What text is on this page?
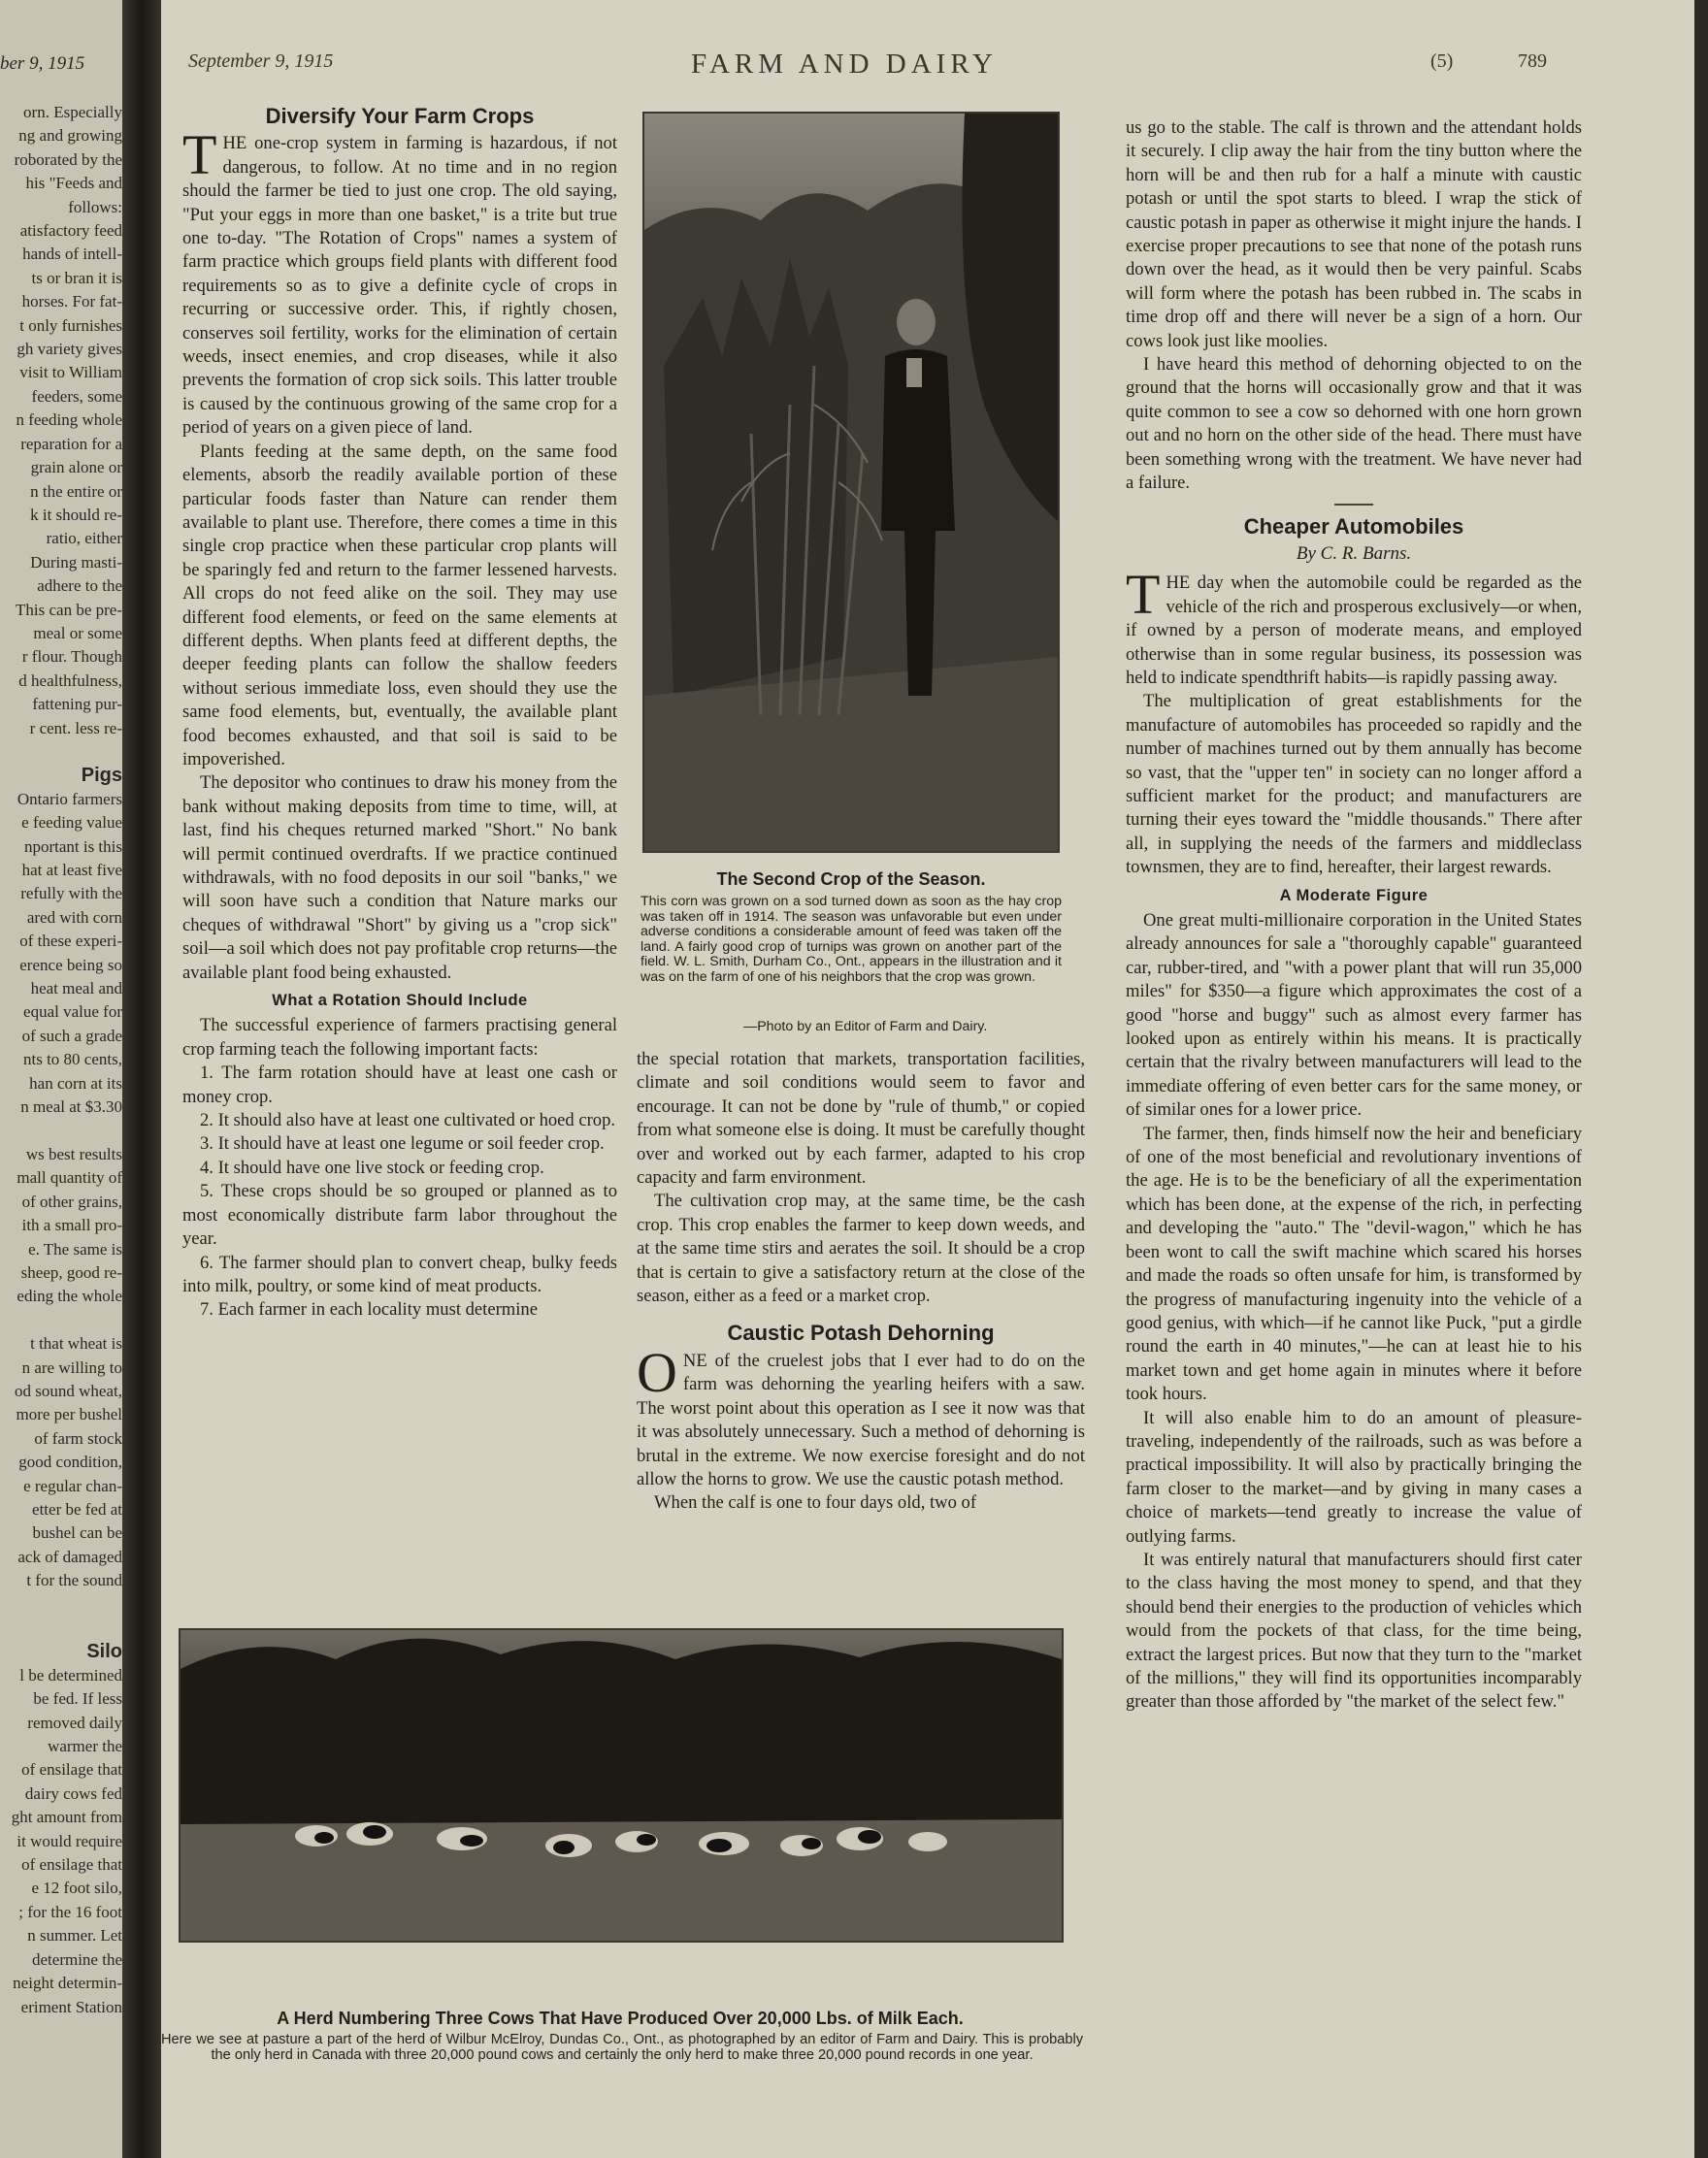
ber 9, 1915
orn. Especially
ng and growing
roborated by the
his "Feeds and
follows:
atisfactory feed
hands of intell-
ts or bran it is
horses. For fat-
t only furnishes
gh variety gives
visit to William
feeders, some
n feeding whole
reparation for a
grain alone or
n the entire or
k it should re-
ratio, either
During masti-
adhere to the
This can be pre-
meal or some
r flour. Though
d healthfulness,
fattening pur-
r cent. less re-

Pigs
Ontario farmers
e feeding value
nportant is this
hat at least five
refully with the
ared with corn
of these experi-
erence being so
heat meal and
equal value for
of such a grade
nts to 80 cents,
han corn at its
n meal at $3.30

ws best results
mall quantity of
of other grains,
ith a small pro-
e. The same is
sheep, good re-
eding the whole

t that wheat is
n are willing to
od sound wheat,
more per bushel
of farm stock
good condition,
e regular chan-
etter be fed at
bushel can be
ack of damaged
t for the sound

Silo
l be determined
be fed. If less
removed daily
warmer the
of ensilage that
dairy cows fed
ght amount from
it would require
of ensilage that
e 12 foot silo,
; for the 16 foot
n summer. Let
determine the
neight determin-
eriment Station
September 9, 1915	FARM AND DAIRY	(5)	789
Diversify Your Farm Crops

THE one-crop system in farming is hazardous, if not dangerous, to follow. At no time and in no region should the farmer be tied to just one crop. The old saying, "Put your eggs in more than one basket," is a trite but true one to-day. "The Rotation of Crops" names a system of farm practice which groups field plants with different food requirements so as to give a definite cycle of crops in recurring or successive order. This, if rightly chosen, conserves soil fertility, works for the elimination of certain weeds, insect enemies, and crop diseases, while it also prevents the formation of crop sick soils. This latter trouble is caused by the continuous growing of the same crop for a period of years on a given piece of land.

Plants feeding at the same depth, on the same food elements, absorb the readily available portion of these particular foods faster than Nature can render them available to plant use. Therefore, there comes a time in this single crop practice when these particular crop plants will be sparingly fed and return to the farmer lessened harvests. All crops do not feed alike on the soil. They may use different food elements, or feed on the same elements at different depths. When plants feed at different depths, the deeper feeding plants can follow the shallow feeders without serious immediate loss, even should they use the same food elements, but, eventually, the available plant food becomes exhausted, and that soil is said to be impoverished.

The depositor who continues to draw his money from the bank without making deposits from time to time, will, at last, find his cheques returned marked "Short." No bank will permit continued overdrafts. If we practice continued withdrawals, with no food deposits in our soil "banks," we will soon have such a condition that Nature marks our cheques of withdrawal "Short" by giving us a "crop sick" soil—a soil which does not pay profitable crop returns—the available plant food being exhausted.

What a Rotation Should Include

The successful experience of farmers practising general crop farming teach the following important facts:

1. The farm rotation should have at least one cash or money crop.

2. It should also have at least one cultivated or hoed crop.

3. It should have at least one legume or soil feeder crop.

4. It should have one live stock or feeding crop.

5. These crops should be so grouped or planned as to most economically distribute farm labor throughout the year.

6. The farmer should plan to convert cheap, bulky feeds into milk, poultry, or some kind of meat products.

7. Each farmer in each locality must determine

The Second Crop of the Season.
This corn was grown on a sod turned down as soon as the hay crop was taken off in 1914. The season was unfavorable but even under adverse conditions a considerable amount of feed was taken off the land. A fairly good crop of turnips was grown on another part of the field. W. L. Smith, Durham Co., Ont., appears in the illustration and it was on the farm of one of his neighbors that the crop was grown.
—Photo by an Editor of Farm and Dairy.

the special rotation that markets, transportation facilities, climate and soil conditions would seem to favor and encourage. It can not be done by "rule of thumb," or copied from what someone else is doing. It must be carefully thought over and worked out by each farmer, adapted to his crop capacity and farm environment.

The cultivation crop may, at the same time, be the cash crop. This crop enables the farmer to keep down weeds, and at the same time stirs and aerates the soil. It should be a crop that is certain to give a satisfactory return at the close of the season, either as a feed or a market crop.

Caustic Potash Dehorning

ONE of the cruelest jobs that I ever had to do on the farm was dehorning the yearling heifers with a saw. The worst point about this operation as I see it now was that it was absolutely unnecessary. Such a method of dehorning is brutal in the extreme. We now exercise foresight and do not allow the horns to grow. We use the caustic potash method.

When the calf is one to four days old, two of

us go to the stable. The calf is thrown and the attendant holds it securely. I clip away the hair from the tiny button where the horn will be and then rub for a half a minute with caustic potash or until the spot starts to bleed. I wrap the stick of caustic potash in paper as otherwise it might injure the hands. I exercise proper precautions to see that none of the potash runs down over the head, as it would then be very painful. Scabs will form where the potash has been rubbed in. The scabs in time drop off and there will never be a sign of a horn. Our cows look just like moolies.

I have heard this method of dehorning objected to on the ground that the horns will occasionally grow and that it was quite common to see a cow so dehorned with one horn grown out and no horn on the other side of the head. There must have been something wrong with the treatment. We have never had a failure.

Cheaper Automobiles
By C. R. Barns.

THE day when the automobile could be regarded as the vehicle of the rich and prosperous exclusively—or when, if owned by a person of moderate means, and employed otherwise than in some regular business, its possession was held to indicate spendthrift habits—is rapidly passing away.

The multiplication of great establishments for the manufacture of automobiles has proceeded so rapidly and the number of machines turned out by them annually has become so vast, that the "upper ten" in society can no longer afford a sufficient market for the product; and manufacturers are turning their eyes toward the "middle thousands." There after all, in supplying the needs of the farmers and middleclass townsmen, they are to find, hereafter, their largest rewards.

A Moderate Figure

One great multi-millionaire corporation in the United States already announces for sale a "thoroughly capable" guaranteed car, rubber-tired, and "with a power plant that will run 35,000 miles" for $350—a figure which approximates the cost of a good "horse and buggy" such as almost every farmer has looked upon as entirely within his means. It is practically certain that the rivalry between manufacturers will lead to the immediate offering of even better cars for the same money, or of similar ones for a lower price.

The farmer, then, finds himself now the heir and beneficiary of one of the most beneficial and revolutionary inventions of the age. He is to be the beneficiary of all the experimentation which has been done, at the expense of the rich, in perfecting and developing the "auto." The "devil-wagon," which he has been wont to call the swift machine which scared his horses and made the roads so often unsafe for him, is transformed by the progress of manufacturing ingenuity into the vehicle of a good genius, with which—if he cannot like Puck, "put a girdle round the earth in 40 minutes,"—he can at least hie to his market town and get home again in minutes where it before took hours.

It will also enable him to do an amount of pleasure-traveling, independently of the railroads, such as was before a practical impossibility. It will also by practically bringing the farm closer to the market—and by giving in many cases a choice of markets—tend greatly to increase the value of outlying farms.

It was entirely natural that manufacturers should first cater to the class having the most money to spend, and that they should bend their energies to the production of vehicles which would from the pockets of that class, for the time being, extract the largest prices. But now that they turn to the "market of the millions," they will find its opportunities incomparably greater than those afforded by "the market of the select few."

A Herd Numbering Three Cows That Have Produced Over 20,000 Lbs. of Milk Each.
Here we see at pasture a part of the herd of Wilbur McElroy, Dundas Co., Ont., as photographed by an editor of Farm and Dairy. This is probably the only herd in Canada with three 20,000 pound cows and certainly the only herd to make three 20,000 pound records in one year.
